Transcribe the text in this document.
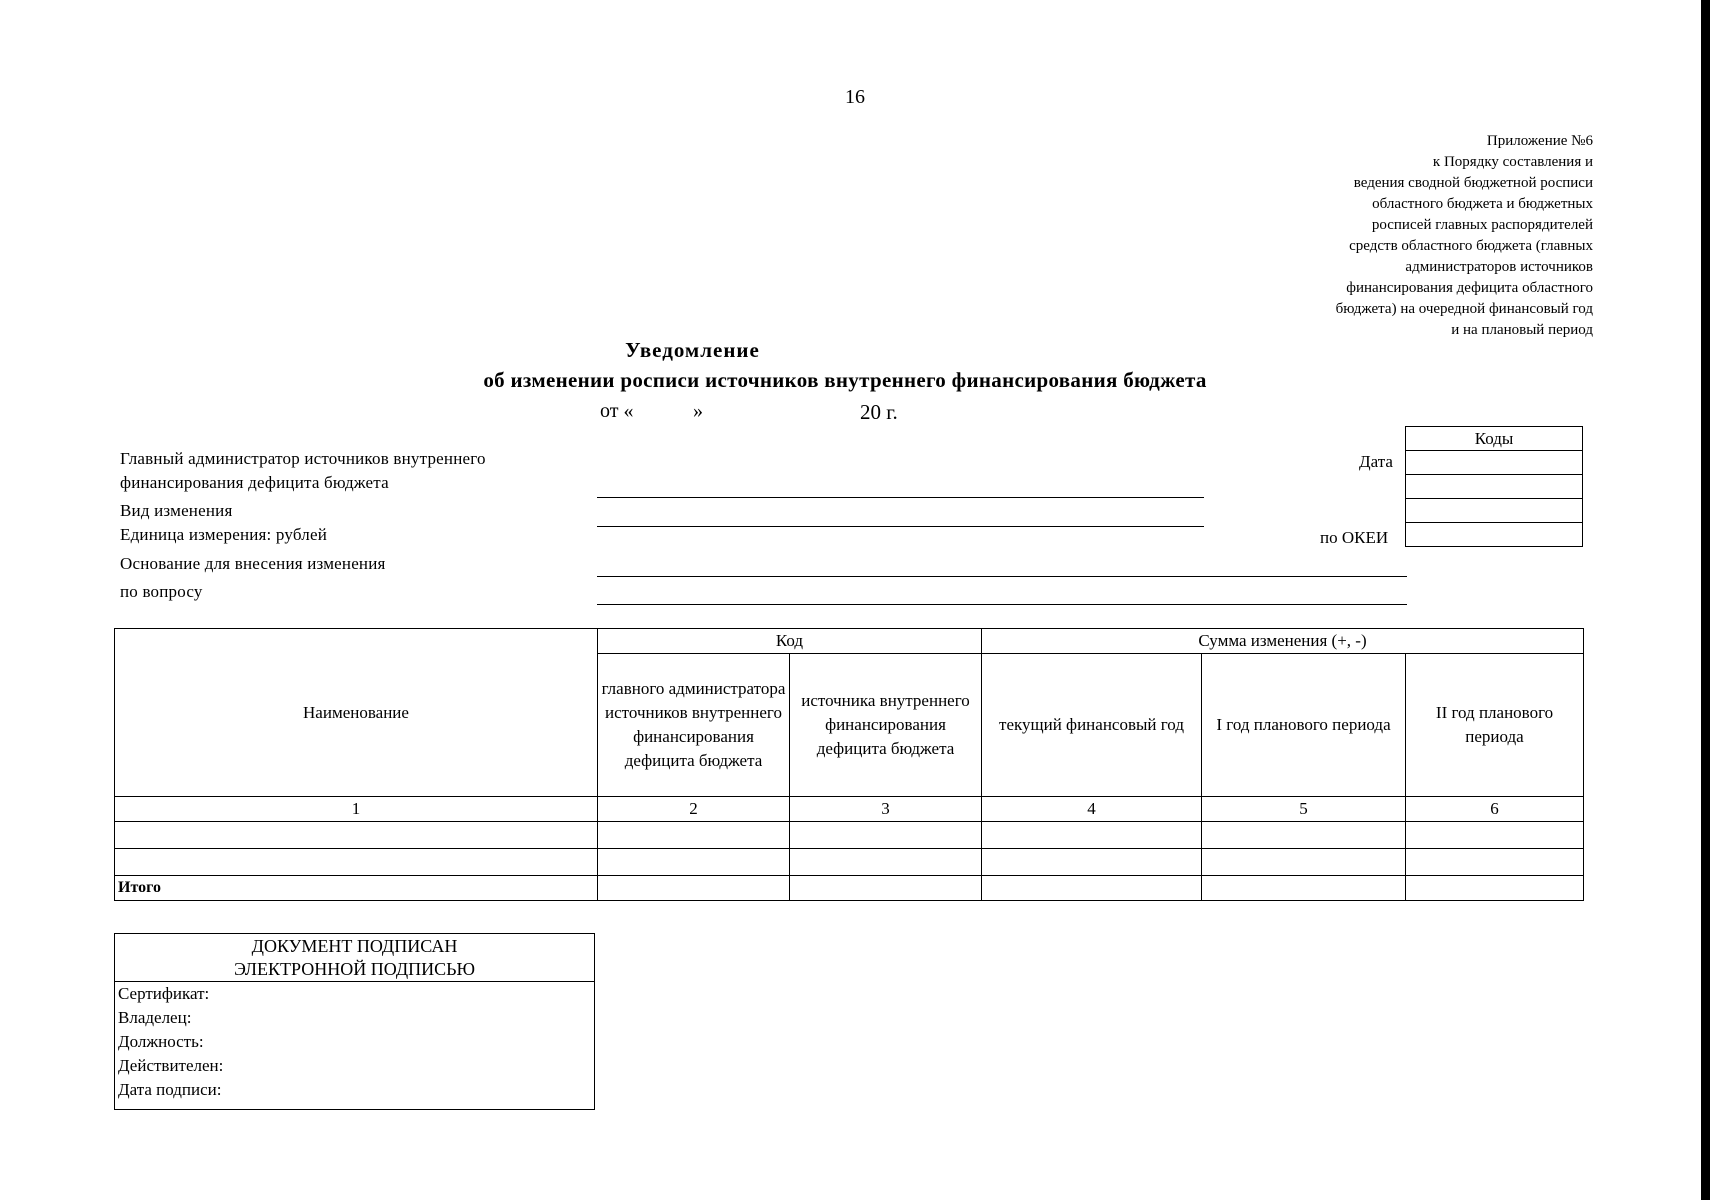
16
Приложение №6
к Порядку составления и
ведения сводной бюджетной росписи
областного бюджета и бюджетных
росписей главных распорядителей
средств областного бюджета (главных
администраторов источников
финансирования дефицита областного
бюджета) на очередной финансовый год
и на плановый период
Уведомление
об изменении росписи источников внутреннего финансирования бюджета
от «	»	20 г.
Главный администратор источников внутреннего
финансирования дефицита бюджета
Вид изменения
Единица измерения: рублей
Основание для внесения изменения
по вопросу
Коды

Дата
по ОКЕИ
Наименование	Код		Сумма изменения (+, -)		
	главного администратора источников внутреннего финансирования дефицита бюджета	источника внутреннего финансирования дефицита бюджета	текущий финансовый год	I год планового периода	II год планового периода
1	2	3	4	5	6

Итого					
ДОКУМЕНТ ПОДПИСАН
ЭЛЕКТРОННОЙ ПОДПИСЬЮ
Сертификат:
Владелец:
Должность:
Действителен:
Дата подписи:
